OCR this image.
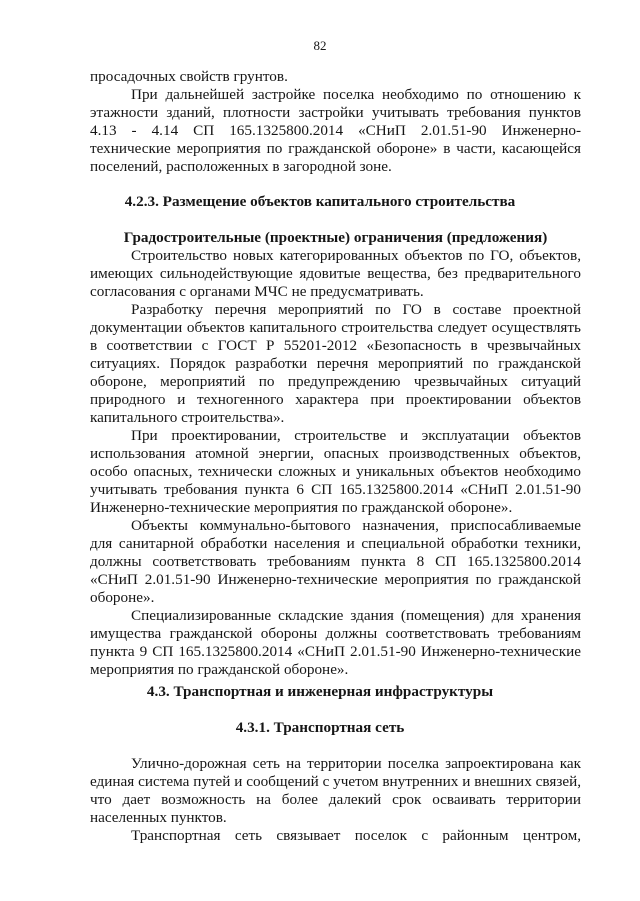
82
просадочных свойств грунтов.
При дальнейшей застройке поселка необходимо по отношению к
этажности зданий, плотности застройки учитывать требования пунктов
4.13 - 4.14 СП 165.1325800.2014 «СНиП 2.01.51-90 Инженерно-
технические мероприятия по гражданской обороне» в части, касающейся
поселений, расположенных в загородной зоне.
4.2.3. Размещение объектов капитального строительства
Градостроительные (проектные) ограничения (предложения)
Строительство новых категорированных объектов по ГО, объектов,
имеющих сильнодействующие ядовитые вещества, без предварительного
согласования с органами МЧС не предусматривать.
Разработку перечня мероприятий по ГО в составе проектной
документации объектов капитального строительства следует осуществлять
в соответствии с ГОСТ Р 55201-2012 «Безопасность в чрезвычайных
ситуациях. Порядок разработки перечня мероприятий по гражданской
обороне, мероприятий по предупреждению чрезвычайных ситуаций
природного и техногенного характера при проектировании объектов
капитального строительства».
При проектировании, строительстве и эксплуатации объектов
использования атомной энергии, опасных производственных объектов,
особо опасных, технически сложных и уникальных объектов необходимо
учитывать требования пункта 6 СП 165.1325800.2014 «СНиП 2.01.51-90
Инженерно-технические мероприятия по гражданской обороне».
Объекты коммунально-бытового назначения, приспосабливаемые
для санитарной обработки населения и специальной обработки техники,
должны соответствовать требованиям пункта 8 СП 165.1325800.2014
«СНиП 2.01.51-90 Инженерно-технические мероприятия по гражданской
обороне».
Специализированные складские здания (помещения) для хранения
имущества гражданской обороны должны соответствовать требованиям
пункта 9 СП 165.1325800.2014 «СНиП 2.01.51-90 Инженерно-технические
мероприятия по гражданской обороне».
4.3. Транспортная и инженерная инфраструктуры
4.3.1. Транспортная сеть
Улично-дорожная сеть на территории поселка запроектирована как
единая система путей и сообщений с учетом внутренних и внешних связей,
что дает возможность на более далекий срок осваивать территории
населенных пунктов.
Транспортная сеть связывает поселок с районным центром,
